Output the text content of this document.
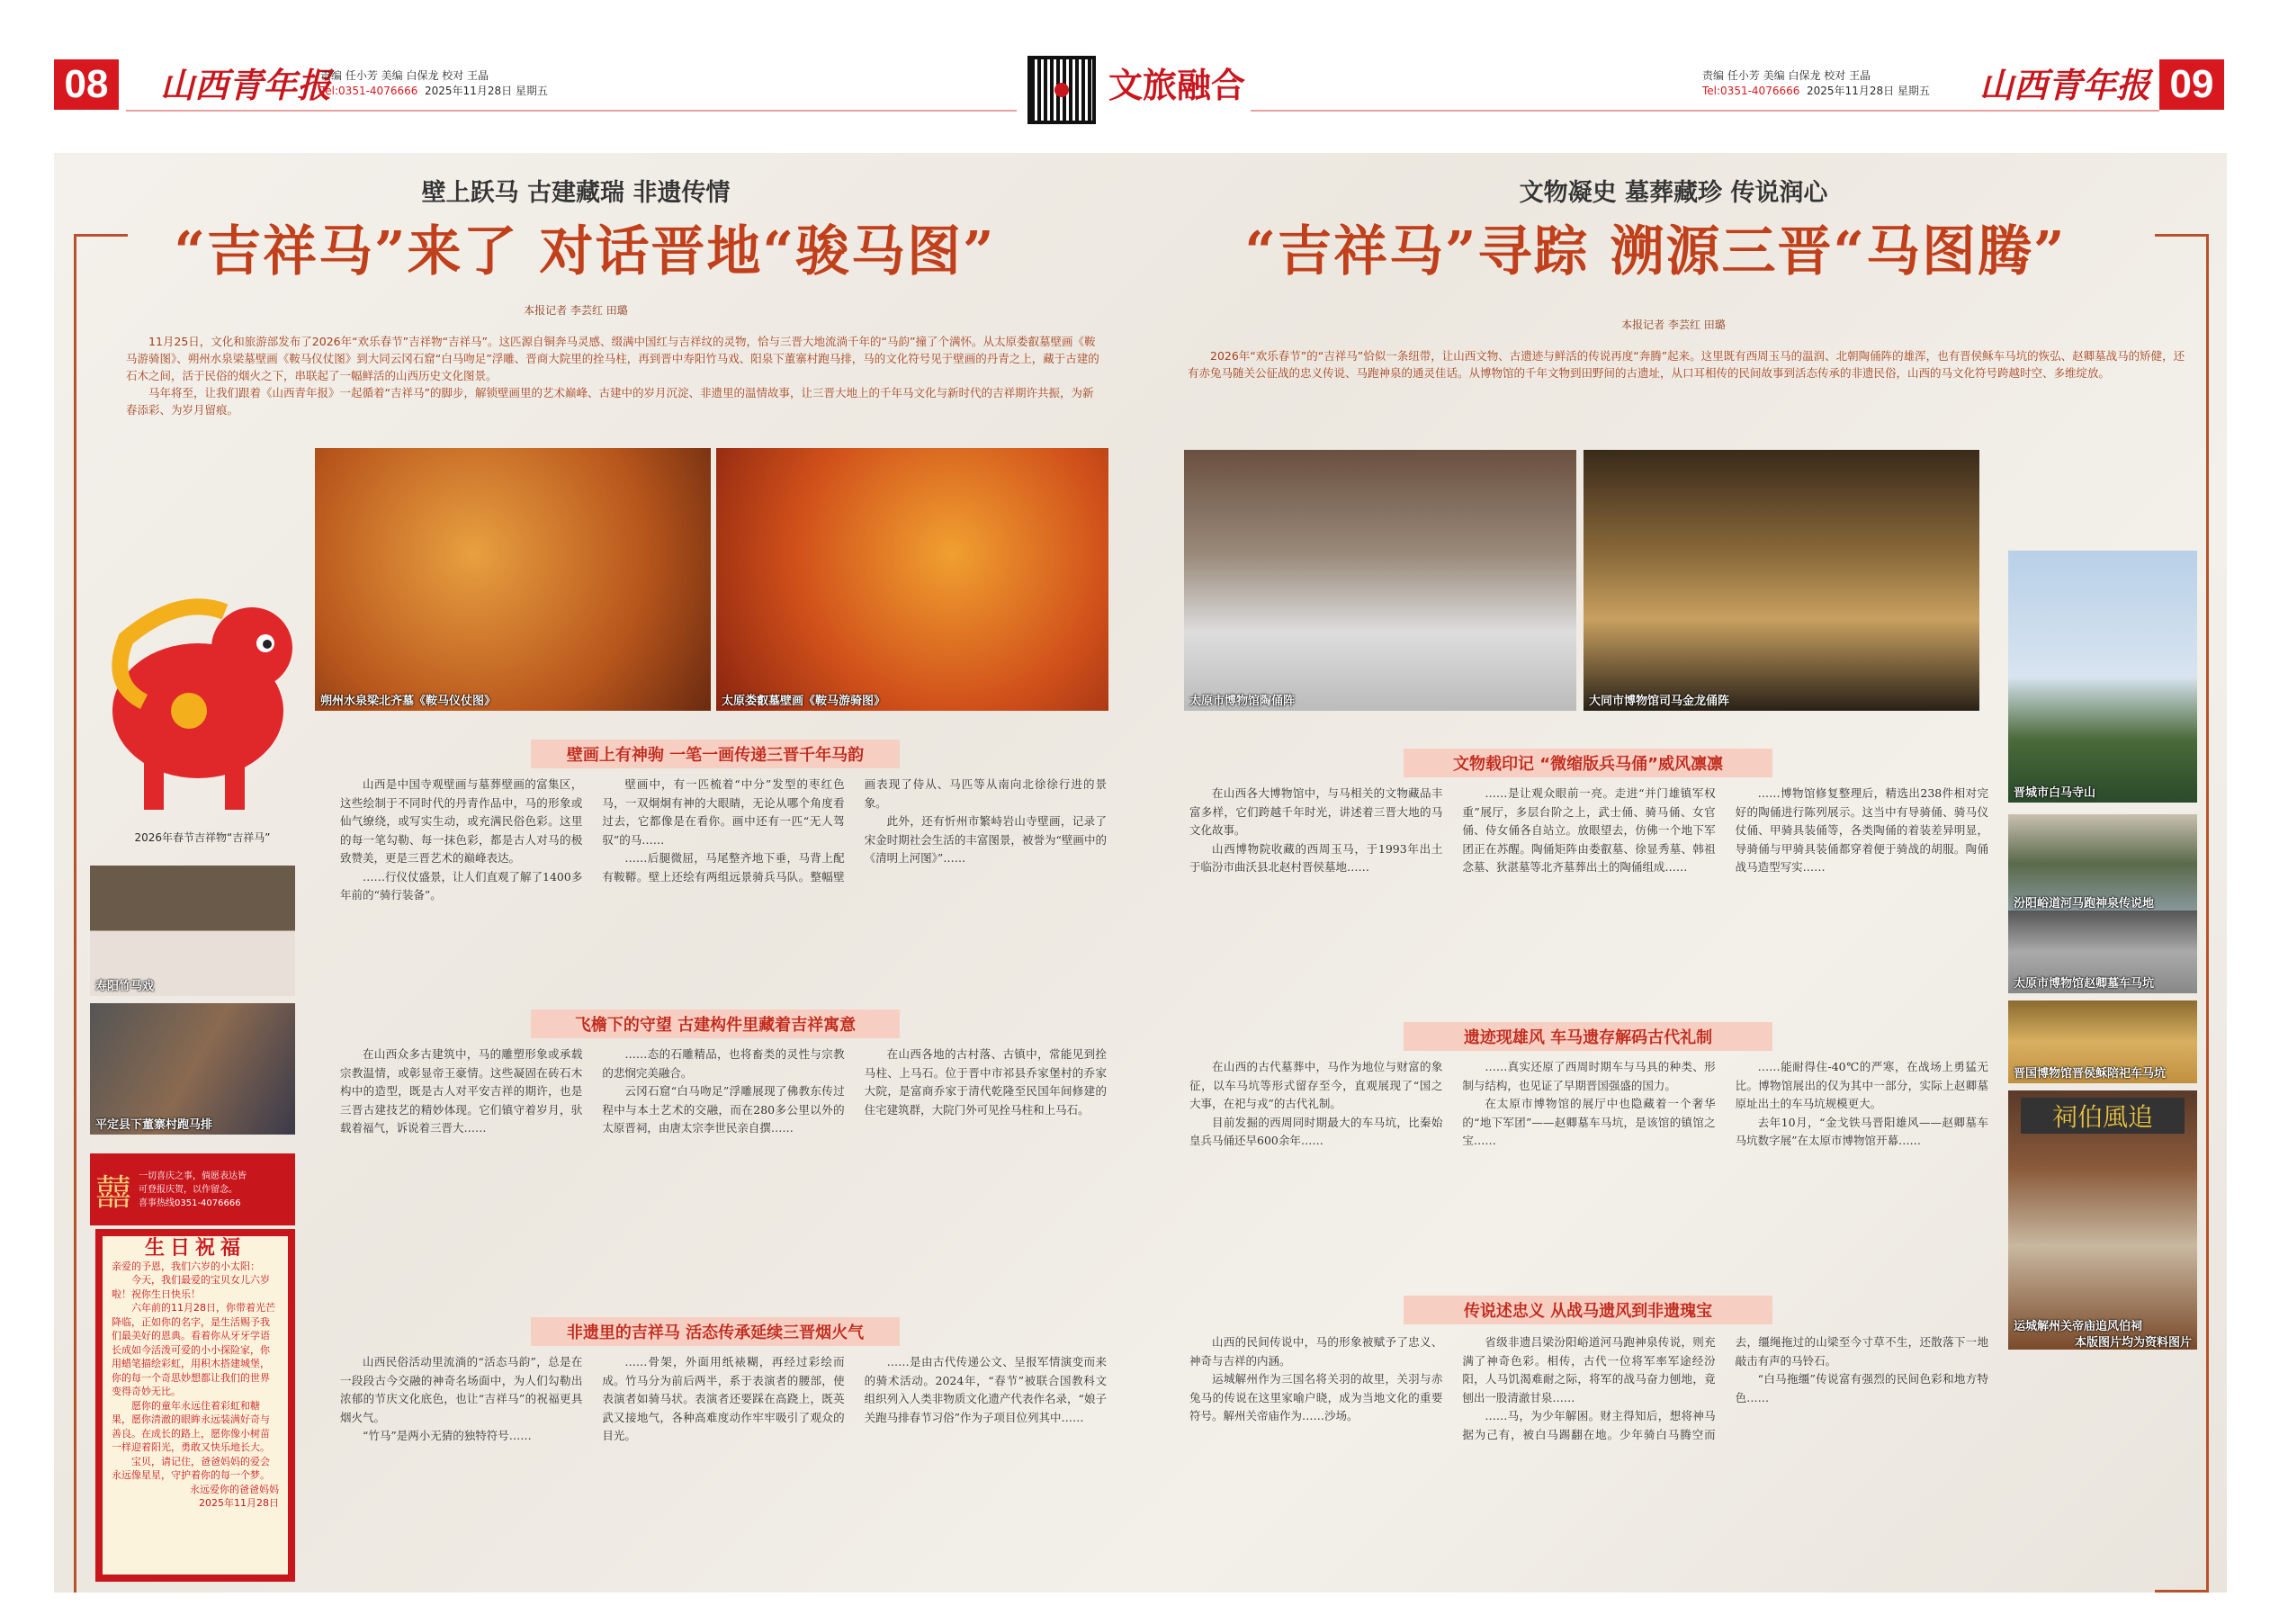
08	山西青年报
责编 任小芳 美编 白保龙 校对 王晶
Tel:0351-4076666 2025年11月28日 星期五	文旅融合	责编 任小芳 美编 白保龙 校对 王晶
Tel:0351-4076666 2025年11月28日 星期五 山西青年报 09
壁上跃马 古建藏瑞 非遗传情
“吉祥马”来了 对话晋地“骏马图”
本报记者 李芸红 田璐

11月25日，文化和旅游部发布了2026年“欢乐春节”吉祥物“吉祥马”。这匹源自铜奔马灵感、缀满中国红与吉祥纹的灵物，恰与三晋大地流淌千年的“马韵”撞了个满怀。从太原娄叡墓壁画《鞍马游骑图》、朔州水泉梁墓壁画《鞍马仪仗图》到大同云冈石窟“白马吻足”浮雕、晋商大院里的拴马柱，再到晋中寿阳竹马戏、阳泉下董寨村跑马排，马的文化符号见于壁画的丹青之上，藏于古建的石木之间，活于民俗的烟火之下，串联起了一幅鲜活的山西历史文化图景。

马年将至，让我们跟着《山西青年报》一起循着“吉祥马”的脚步，解锁壁画里的艺术巅峰、古建中的岁月沉淀、非遗里的温情故事，让三晋大地上的千年马文化与新时代的吉祥期许共振，为新春添彩、为岁月留痕。

朔州水泉梁北齐墓《鞍马仪仗图》	太原娄叡墓壁画《鞍马游骑图》
2026年春节吉祥物“吉祥马”
寿阳竹马戏
平定县下董寨村跑马排
囍 一切喜庆之事，倘愿表达皆
可登报庆贺，以作留念。
喜事热线0351-4076666
生日祝福
亲爱的予恩，我们六岁的小太阳：

今天，我们最爱的宝贝女儿六岁啦！祝你生日快乐！

六年前的11月28日，你带着光芒降临，正如你的名字，是生活赐予我们最美好的恩典。看着你从牙牙学语长成如今活泼可爱的小小探险家，你用蜡笔描绘彩虹，用积木搭建城堡，你的每一个奇思妙想都让我们的世界变得奇妙无比。

愿你的童年永远住着彩虹和糖果，愿你清澈的眼眸永远装满好奇与善良。在成长的路上，愿你像小树苗一样迎着阳光，勇敢又快乐地长大。

宝贝，请记住，爸爸妈妈的爱会永远像星星，守护着你的每一个梦。

永远爱你的爸爸妈妈
2025年11月28日
壁画上有神驹 一笔一画传递三晋千年马韵

山西是中国寺观壁画与墓葬壁画的富集区，这些绘制于不同时代的丹青作品中，马的形象或仙气缭绕，或写实生动，或充满民俗色彩。这里的每一笔勾勒、每一抹色彩，都是古人对马的极致赞美，更是三晋艺术的巅峰表达。

……行仪仗盛景，让人们直观了解了1400多年前的“骑行装备”。

壁画中，有一匹梳着“中分”发型的枣红色马，一双炯炯有神的大眼睛，无论从哪个角度看过去，它都像是在看你。画中还有一匹“无人驾驭”的马……

……后腿微屈，马尾整齐地下垂，马背上配有鞍鞯。壁上还绘有两组远景骑兵马队。整幅壁画表现了侍从、马匹等从南向北徐徐行进的景象。

此外，还有忻州市繁峙岩山寺壁画，记录了宋金时期社会生活的丰富图景，被誉为“壁画中的《清明上河图》”……

飞檐下的守望 古建构件里藏着吉祥寓意

在山西众多古建筑中，马的雕塑形象或承载宗教温情，或彰显帝王豪情。这些凝固在砖石木构中的造型，既是古人对平安吉祥的期许，也是三晋古建技艺的精妙体现。它们镇守着岁月，驮载着福气，诉说着三晋大……

……态的石雕精品，也将畜类的灵性与宗教的悲悯完美融合。

云冈石窟“白马吻足”浮雕展现了佛教东传过程中与本土艺术的交融，而在280多公里以外的太原晋祠，由唐太宗李世民亲自撰……

在山西各地的古村落、古镇中，常能见到拴马柱、上马石。位于晋中市祁县乔家堡村的乔家大院，是富商乔家于清代乾隆至民国年间修建的住宅建筑群，大院门外可见拴马柱和上马石。

非遗里的吉祥马 活态传承延续三晋烟火气

山西民俗活动里流淌的“活态马韵”，总是在一段段古今交融的神奇名场面中，为人们勾勒出浓郁的节庆文化底色，也让“吉祥马”的祝福更具烟火气。

“竹马”是两小无猜的独特符号……

……骨架，外面用纸裱糊，再经过彩绘而成。竹马分为前后两半，系于表演者的腰部，使表演者如骑马状。表演者还要踩在高跷上，既英武又接地气，各种高难度动作牢牢吸引了观众的目光。

……是由古代传递公文、呈报军情演变而来的骑术活动。2024年，“春节”被联合国教科文组织列入人类非物质文化遗产代表作名录，“娘子关跑马排春节习俗”作为子项目位列其中……

文物凝史 墓葬藏珍 传说润心
“吉祥马”寻踪 溯源三晋“马图腾”
本报记者 李芸红 田璐

2026年“欢乐春节”的“吉祥马”恰似一条纽带，让山西文物、古遗迹与鲜活的传说再度“奔腾”起来。这里既有西周玉马的温润、北朝陶俑阵的雄浑，也有晋侯稣车马坑的恢弘、赵卿墓战马的矫健，还有赤兔马随关公征战的忠义传说、马跑神泉的通灵佳话。从博物馆的千年文物到田野间的古遗址，从口耳相传的民间故事到活态传承的非遗民俗，山西的马文化符号跨越时空、多维绽放。

太原市博物馆陶俑阵	大同市博物馆司马金龙俑阵
晋城市白马寺山
汾阳峪道河马跑神泉传说地
太原市博物馆赵卿墓车马坑
晋国博物馆晋侯稣陪祀车马坑
祠伯風追
运城解州关帝庙追风伯祠
本版图片均为资料图片
文物载印记 “微缩版兵马俑”威风凛凛

在山西各大博物馆中，与马相关的文物藏品丰富多样，它们跨越千年时光，讲述着三晋大地的马文化故事。

山西博物院收藏的西周玉马，于1993年出土于临汾市曲沃县北赵村晋侯墓地……

……是让观众眼前一亮。走进“并门雄镇军权重”展厅，多层台阶之上，武士俑、骑马俑、女官俑、侍女俑各自站立。放眼望去，仿佛一个地下军团正在苏醒。陶俑矩阵由娄叡墓、徐显秀墓、韩祖念墓、狄湛墓等北齐墓葬出土的陶俑组成……

……博物馆修复整理后，精选出238件相对完好的陶俑进行陈列展示。这当中有导骑俑、骑马仪仗俑、甲骑具装俑等，各类陶俑的着装差异明显，导骑俑与甲骑具装俑都穿着便于骑战的胡服。陶俑战马造型写实……

遗迹现雄风 车马遗存解码古代礼制

在山西的古代墓葬中，马作为地位与财富的象征，以车马坑等形式留存至今，直观展现了“国之大事，在祀与戎”的古代礼制。

目前发掘的西周同时期最大的车马坑，比秦始皇兵马俑还早600余年……

……真实还原了西周时期车与马具的种类、形制与结构，也见证了早期晋国强盛的国力。

在太原市博物馆的展厅中也隐藏着一个奢华的“地下军团”——赵卿墓车马坑，是该馆的镇馆之宝……

……能耐得住-40℃的严寒，在战场上勇猛无比。博物馆展出的仅为其中一部分，实际上赵卿墓原址出土的车马坑规模更大。

去年10月，“金戈铁马晋阳雄风——赵卿墓车马坑数字展”在太原市博物馆开幕……

传说述忠义 从战马遗风到非遗瑰宝

山西的民间传说中，马的形象被赋予了忠义、神奇与吉祥的内涵。

运城解州作为三国名将关羽的故里，关羽与赤兔马的传说在这里家喻户晓，成为当地文化的重要符号。解州关帝庙作为……沙场。

省级非遗吕梁汾阳峪道河马跑神泉传说，则充满了神奇色彩。相传，古代一位将军率军途经汾阳，人马饥渴难耐之际，将军的战马奋力刨地，竟刨出一股清澈甘泉……

……马，为少年解困。财主得知后，想将神马据为己有，被白马踢翻在地。少年骑白马腾空而去，缰绳拖过的山梁至今寸草不生，还散落下一地敲击有声的马铃石。

“白马拖缰”传说富有强烈的民间色彩和地方特色……
